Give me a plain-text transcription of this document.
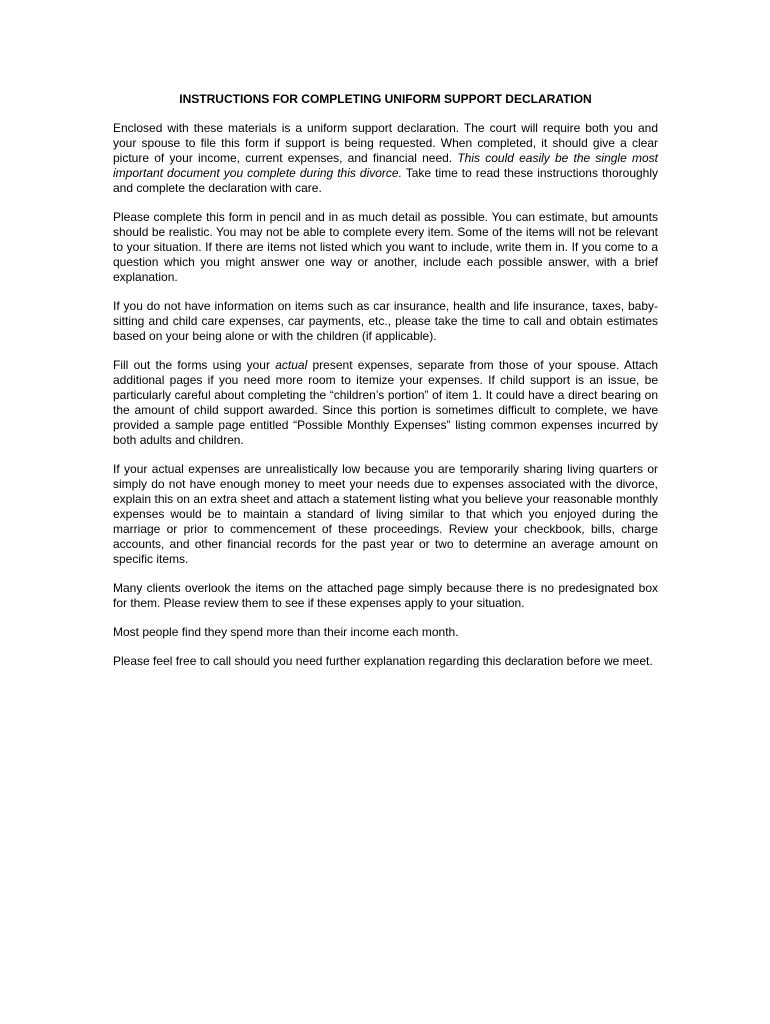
INSTRUCTIONS FOR COMPLETING UNIFORM SUPPORT DECLARATION

Enclosed with these materials is a uniform support declaration. The court will require both you and your spouse to file this form if support is being requested. When completed, it should give a clear picture of your income, current expenses, and financial need. This could easily be the single most important document you complete during this divorce. Take time to read these instructions thoroughly and complete the declaration with care.

Please complete this form in pencil and in as much detail as possible. You can estimate, but amounts should be realistic. You may not be able to complete every item. Some of the items will not be relevant to your situation. If there are items not listed which you want to include, write them in. If you come to a question which you might answer one way or another, include each possible answer, with a brief explanation.

If you do not have information on items such as car insurance, health and life insurance, taxes, baby-sitting and child care expenses, car payments, etc., please take the time to call and obtain estimates based on your being alone or with the children (if applicable).

Fill out the forms using your actual present expenses, separate from those of your spouse. Attach additional pages if you need more room to itemize your expenses. If child support is an issue, be particularly careful about completing the “children’s portion” of item 1. It could have a direct bearing on the amount of child support awarded. Since this portion is sometimes difficult to complete, we have provided a sample page entitled “Possible Monthly Expenses” listing common expenses incurred by both adults and children.

If your actual expenses are unrealistically low because you are temporarily sharing living quarters or simply do not have enough money to meet your needs due to expenses associated with the divorce, explain this on an extra sheet and attach a statement listing what you believe your reasonable monthly expenses would be to maintain a standard of living similar to that which you enjoyed during the marriage or prior to commencement of these proceedings. Review your checkbook, bills, charge accounts, and other financial records for the past year or two to determine an average amount on specific items.

Many clients overlook the items on the attached page simply because there is no predesignated box for them. Please review them to see if these expenses apply to your situation.

Most people find they spend more than their income each month.

Please feel free to call should you need further explanation regarding this declaration before we meet.
